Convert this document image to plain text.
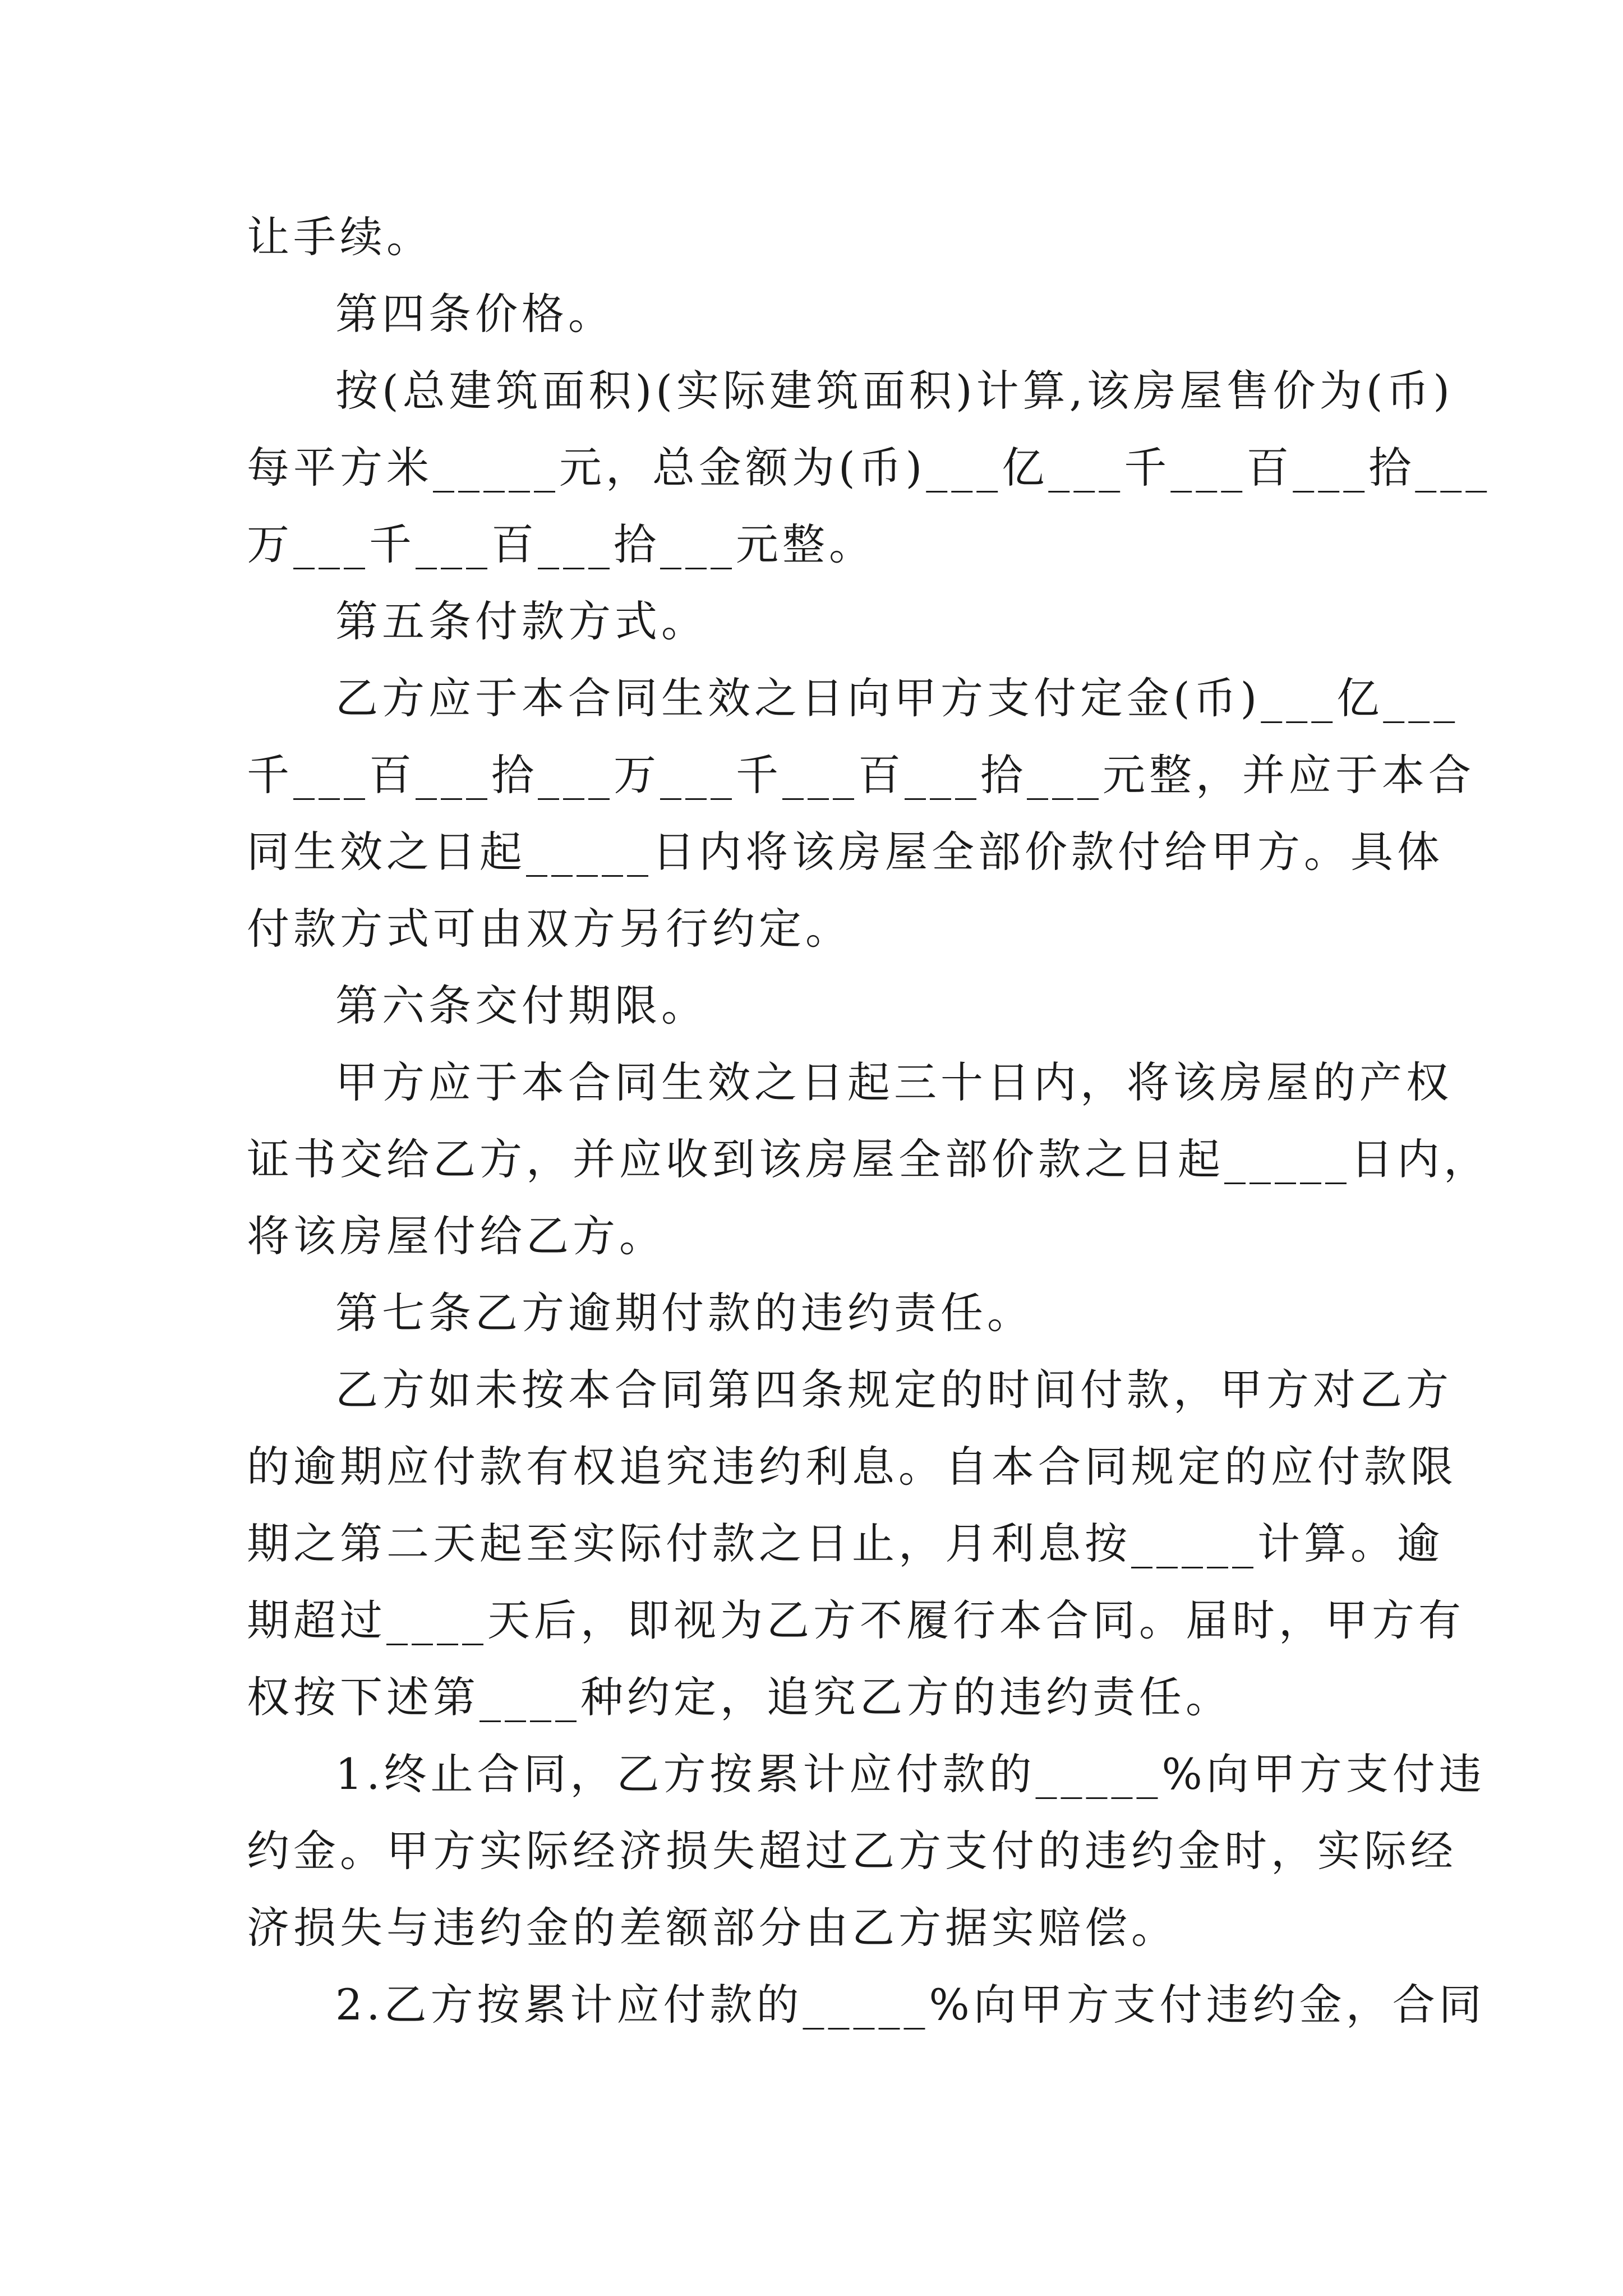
让手续。
第四条价格。
按(总建筑面积)(实际建筑面积)计算,该房屋售价为(币)
每平方米_____元，总金额为(币)___亿___千___百___拾___
万___千___百___拾___元整。
第五条付款方式。
乙方应于本合同生效之日向甲方支付定金(币)___亿___
千___百___拾___万___千___百___拾___元整，并应于本合
同生效之日起_____日内将该房屋全部价款付给甲方。具体
付款方式可由双方另行约定。
第六条交付期限。
甲方应于本合同生效之日起三十日内，将该房屋的产权
证书交给乙方，并应收到该房屋全部价款之日起_____日内，
将该房屋付给乙方。
第七条乙方逾期付款的违约责任。
乙方如未按本合同第四条规定的时间付款，甲方对乙方
的逾期应付款有权追究违约利息。自本合同规定的应付款限
期之第二天起至实际付款之日止，月利息按_____计算。逾
期超过____天后，即视为乙方不履行本合同。届时，甲方有
权按下述第____种约定，追究乙方的违约责任。
1.终止合同，乙方按累计应付款的_____%向甲方支付违
约金。甲方实际经济损失超过乙方支付的违约金时，实际经
济损失与违约金的差额部分由乙方据实赔偿。
2.乙方按累计应付款的_____%向甲方支付违约金，合同
